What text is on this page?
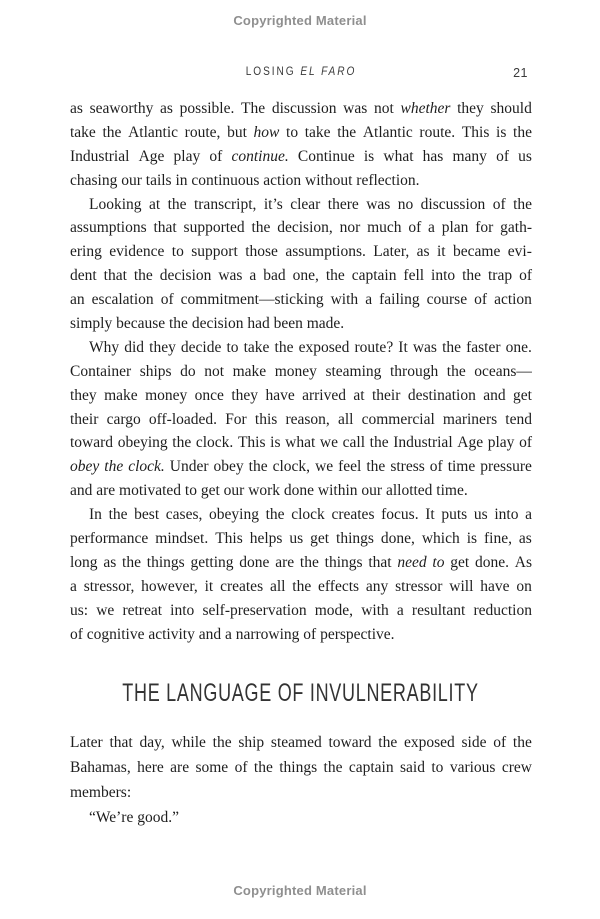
Copyrighted Material
LOSING EL FARO	21
as seaworthy as possible. The discussion was not whether they should
take the Atlantic route, but how to take the Atlantic route. This is the
Industrial Age play of continue. Continue is what has many of us
chasing our tails in continuous action without reflection.
Looking at the transcript, it’s clear there was no discussion of the
assumptions that supported the decision, nor much of a plan for gath-
ering evidence to support those assumptions. Later, as it became evi-
dent that the decision was a bad one, the captain fell into the trap of
an escalation of commitment—sticking with a failing course of action
simply because the decision had been made.
Why did they decide to take the exposed route? It was the faster one.
Container ships do not make money steaming through the oceans—
they make money once they have arrived at their destination and get
their cargo off-loaded. For this reason, all commercial mariners tend
toward obeying the clock. This is what we call the Industrial Age play of
obey the clock. Under obey the clock, we feel the stress of time pressure
and are motivated to get our work done within our allotted time.
In the best cases, obeying the clock creates focus. It puts us into a
performance mindset. This helps us get things done, which is fine, as
long as the things getting done are the things that need to get done. As
a stressor, however, it creates all the effects any stressor will have on
us: we retreat into self-preservation mode, with a resultant reduction
of cognitive activity and a narrowing of perspective.
THE LANGUAGE OF INVULNERABILITY
Later that day, while the ship steamed toward the exposed side of the
Bahamas, here are some of the things the captain said to various crew
members:
“We’re good.”
Copyrighted Material
